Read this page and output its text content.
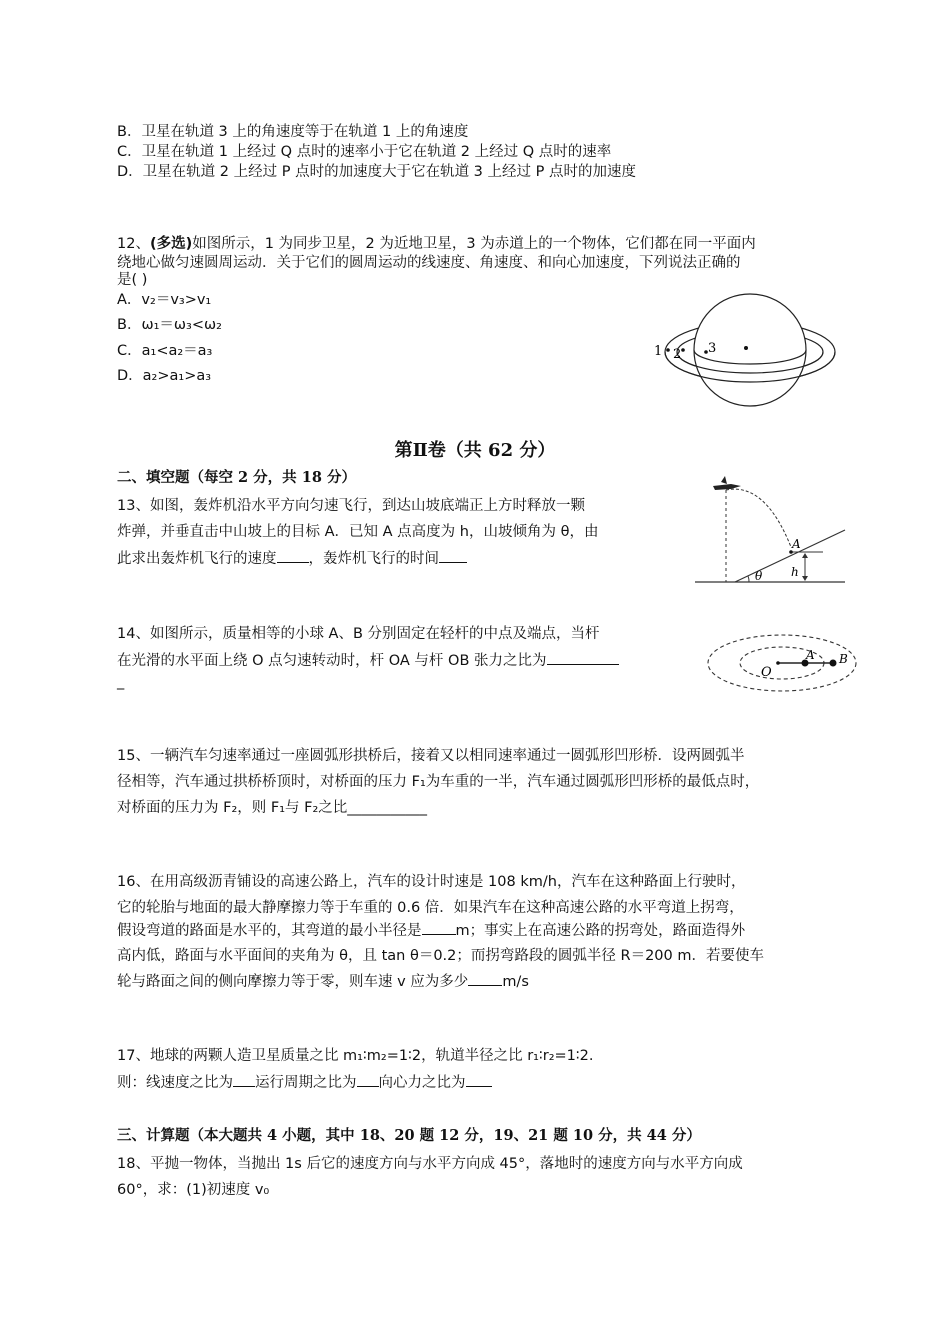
B．卫星在轨道 3 上的角速度等于在轨道 1 上的角速度
C．卫星在轨道 1 上经过 Q 点时的速率小于它在轨道 2 上经过 Q 点时的速率
D．卫星在轨道 2 上经过 P 点时的加速度大于它在轨道 3 上经过 P 点时的加速度
12、(多选)如图所示，1 为同步卫星，2 为近地卫星，3 为赤道上的一个物体，它们都在同一平面内
绕地心做匀速圆周运动．关于它们的圆周运动的线速度、角速度、和向心加速度，下列说法正确的
是( )
A．v₂＝v₃>v₁
B．ω₁＝ω₃<ω₂
C．a₁<a₂＝a₃
D．a₂>a₁>a₃
1 2 3
第Ⅱ卷（共 62 分）
二、填空题（每空 2 分，共 18 分）
13、如图，轰炸机沿水平方向匀速飞行，到达山坡底端正上方时释放一颗
炸弹，并垂直击中山坡上的目标 A．已知 A 点高度为 h，山坡倾角为 θ，由
此求出轰炸机飞行的速度 ，轰炸机飞行的时间
A
h
θ
14、如图所示，质量相等的小球 A、B 分别固定在轻杆的中点及端点，当杆
在光滑的水平面上绕 O 点匀速转动时，杆 OA 与杆 OB 张力之比为
_
O
A B
15、一辆汽车匀速率通过一座圆弧形拱桥后，接着又以相同速率通过一圆弧形凹形桥．设两圆弧半
径相等，汽车通过拱桥桥顶时，对桥面的压力 F₁为车重的一半，汽车通过圆弧形凹形桥的最低点时，
对桥面的压力为 F₂，则 F₁与 F₂之比___________
16、在用高级沥青铺设的高速公路上，汽车的设计时速是 108 km/h，汽车在这种路面上行驶时，
它的轮胎与地面的最大静摩擦力等于车重的 0.6 倍．如果汽车在这种高速公路的水平弯道上拐弯，
假设弯道的路面是水平的，其弯道的最小半径是 m；事实上在高速公路的拐弯处，路面造得外
高内低，路面与水平面间的夹角为 θ，且 tan θ＝0.2；而拐弯路段的圆弧半径 R＝200 m．若要使车
轮与路面之间的侧向摩擦力等于零，则车速 v 应为多少 m/s
17、地球的两颗人造卫星质量之比 m₁∶m₂=1∶2，轨道半径之比 r₁∶r₂=1∶2.
则：线速度之比为 运行周期之比为 向心力之比为
三、计算题（本大题共 4 小题，其中 18、20 题 12 分，19、21 题 10 分，共 44 分）
18、平抛一物体，当抛出 1s 后它的速度方向与水平方向成 45°，落地时的速度方向与水平方向成
60°，求：(1)初速度 v₀
